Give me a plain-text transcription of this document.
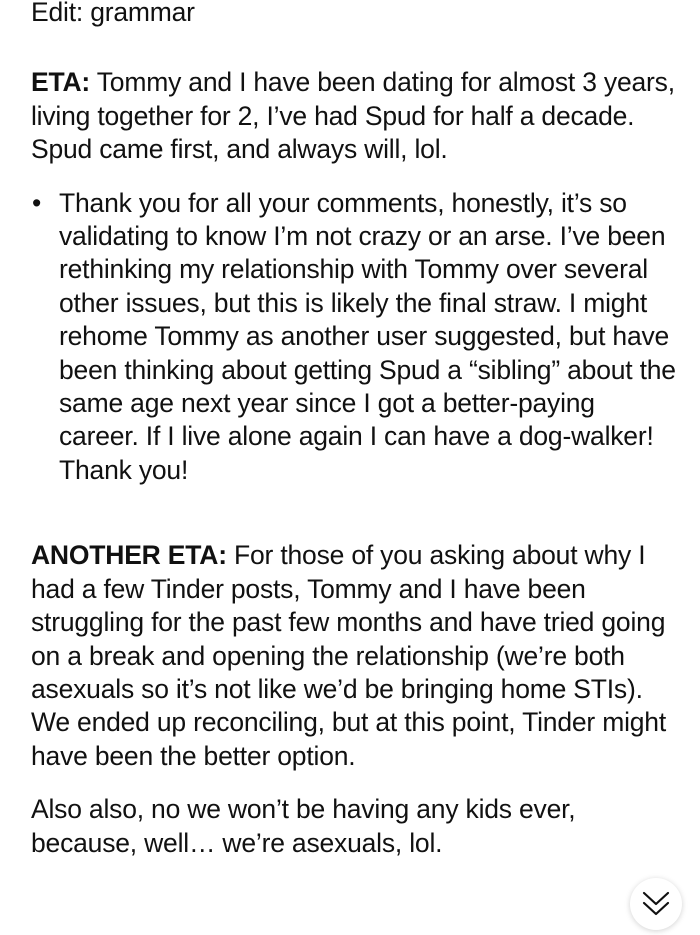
Edit: grammar

ETA: Tommy and I have been dating for almost 3 years, living together for 2, I’ve had Spud for half a decade. Spud came first, and always will, lol.

• Thank you for all your comments, honestly, it’s so validating to know I’m not crazy or an arse. I’ve been rethinking my relationship with Tommy over several other issues, but this is likely the final straw. I might rehome Tommy as another user suggested, but have been thinking about getting Spud a “sibling” about the same age next year since I got a better-paying career. If I live alone again I can have a dog-walker! Thank you!

ANOTHER ETA: For those of you asking about why I had a few Tinder posts, Tommy and I have been struggling for the past few months and have tried going on a break and opening the relationship (we’re both asexuals so it’s not like we’d be bringing home STIs). We ended up reconciling, but at this point, Tinder might have been the better option.

Also also, no we won’t be having any kids ever, because, well… we’re asexuals, lol.
